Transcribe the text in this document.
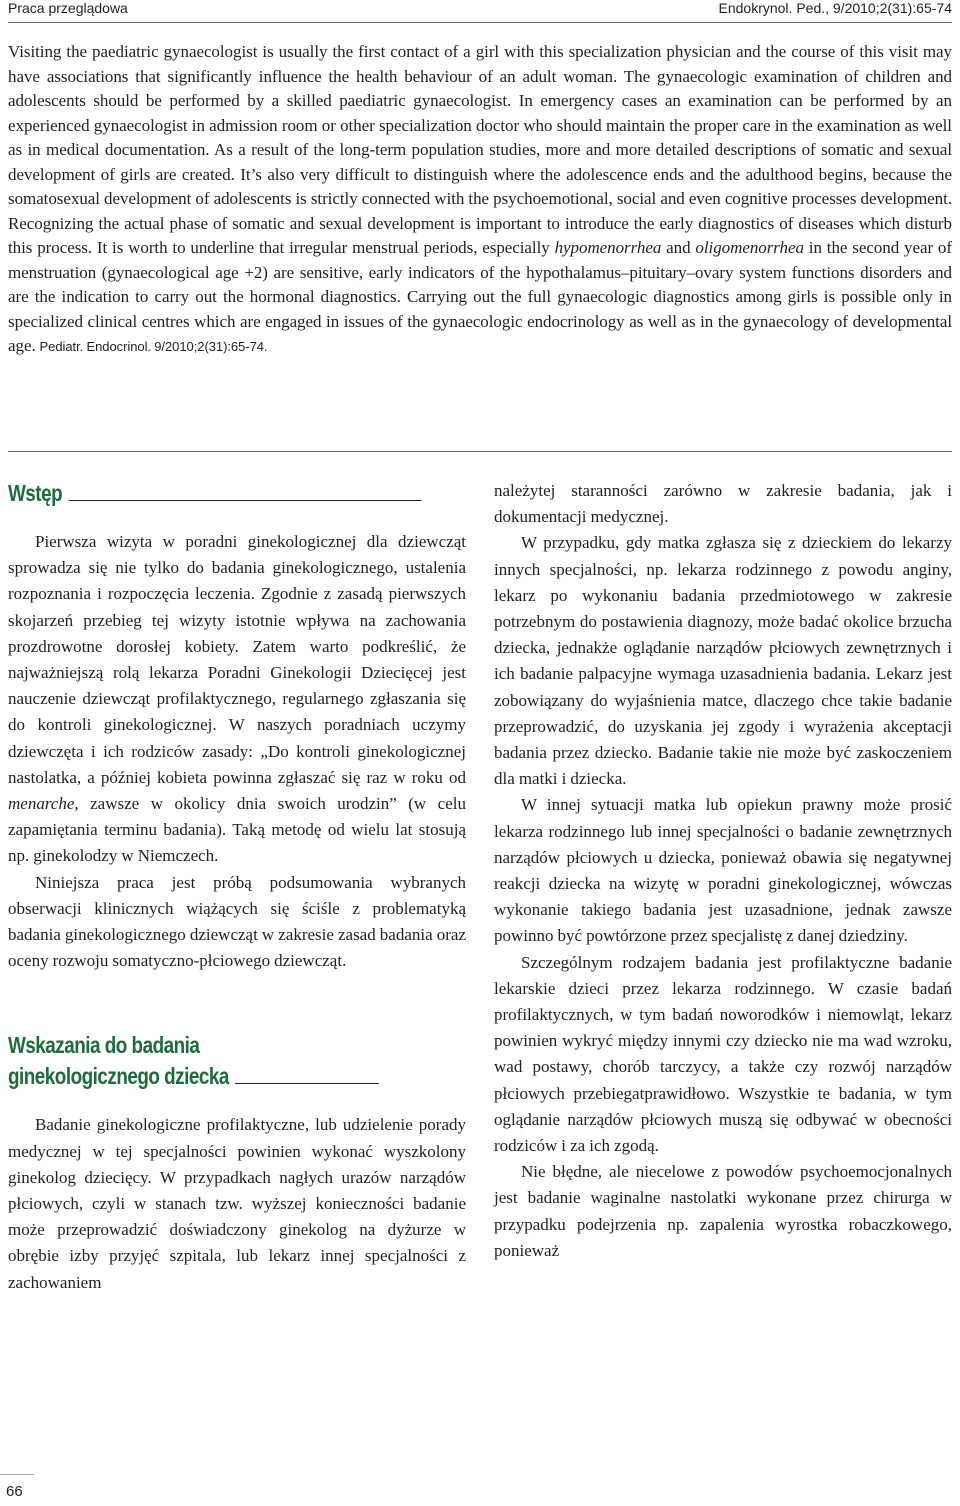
Praca przeglądowa	Endokrynol. Ped., 9/2010;2(31):65-74

Visiting the paediatric gynaecologist is usually the first contact of a girl with this specialization physician and the course of this visit may have associations that significantly influence the health behaviour of an adult woman. The gynaecologic examination of children and adolescents should be performed by a skilled paediatric gynaecologist. In emergency cases an examination can be performed by an experienced gynaecologist in admission room or other specialization doctor who should maintain the proper care in the examination as well as in medical documentation. As a result of the long-term population studies, more and more detailed descriptions of somatic and sexual development of girls are created. It’s also very difficult to distinguish where the adolescence ends and the adulthood begins, because the somatosexual development of adolescents is strictly connected with the psychoemotional, social and even cognitive processes development. Recognizing the actual phase of somatic and sexual development is important to introduce the early diagnostics of diseases which disturb this process. It is worth to underline that irregular menstrual periods, especially hypomenorrhea and oligomenorrhea in the second year of menstruation (gynaecological age +2) are sensitive, early indicators of the hypothalamus–pituitary–ovary system functions disorders and are the indication to carry out the hormonal diagnostics. Carrying out the full gynaecologic diagnostics among girls is possible only in specialized clinical centres which are engaged in issues of the gynaecologic endocrinology as well as in the gynaecology of developmental age. Pediatr. Endocrinol. 9/2010;2(31):65-74.

Wstęp

Pierwsza wizyta w poradni ginekologicznej dla dziewcząt sprowadza się nie tylko do badania ginekologicznego, ustalenia rozpoznania i rozpoczęcia leczenia. Zgodnie z zasadą pierwszych skojarzeń przebieg tej wizyty istotnie wpływa na zachowania prozdrowotne dorosłej kobiety. Zatem warto podkreślić, że najważniejszą rolą lekarza Poradni Ginekologii Dziecięcej jest nauczenie dziewcząt profilaktycznego, regularnego zgłaszania się do kontroli ginekologicznej. W naszych poradniach uczymy dziewczęta i ich rodziców zasady: „Do kontroli ginekologicznej nastolatka, a później kobieta powinna zgłaszać się raz w roku od menarche, zawsze w okolicy dnia swoich urodzin” (w celu zapamiętania terminu badania). Taką metodę od wielu lat stosują np. ginekolodzy w Niemczech.

Niniejsza praca jest próbą podsumowania wybranych obserwacji klinicznych wiążących się ściśle z problematyką badania ginekologicznego dziewcząt w zakresie zasad badania oraz oceny rozwoju somatyczno-płciowego dziewcząt.

Wskazania do badania
ginekologicznego dziecka

Badanie ginekologiczne profilaktyczne, lub udzielenie porady medycznej w tej specjalności powinien wykonać wyszkolony ginekolog dziecięcy. W przypadkach nagłych urazów narządów płciowych, czyli w stanach tzw. wyższej konieczności badanie może przeprowadzić doświadczony ginekolog na dyżurze w obrębie izby przyjęć szpitala, lub lekarz innej specjalności z zachowaniem

należytej staranności zarówno w zakresie badania, jak i dokumentacji medycznej.

W przypadku, gdy matka zgłasza się z dzieckiem do lekarzy innych specjalności, np. lekarza rodzinnego z powodu anginy, lekarz po wykonaniu badania przedmiotowego w zakresie potrzebnym do postawienia diagnozy, może badać okolice brzucha dziecka, jednakże oglądanie narządów płciowych zewnętrznych i ich badanie palpacyjne wymaga uzasadnienia badania. Lekarz jest zobowiązany do wyjaśnienia matce, dlaczego chce takie badanie przeprowadzić, do uzyskania jej zgody i wyrażenia akceptacji badania przez dziecko. Badanie takie nie może być zaskoczeniem dla matki i dziecka.

W innej sytuacji matka lub opiekun prawny może prosić lekarza rodzinnego lub innej specjalności o badanie zewnętrznych narządów płciowych u dziecka, ponieważ obawia się negatywnej reakcji dziecka na wizytę w poradni ginekologicznej, wówczas wykonanie takiego badania jest uzasadnione, jednak zawsze powinno być powtórzone przez specjalistę z danej dziedziny.

Szczególnym rodzajem badania jest profilaktyczne badanie lekarskie dzieci przez lekarza rodzinnego. W czasie badań profilaktycznych, w tym badań noworodków i niemowląt, lekarz powinien wykryć między innymi czy dziecko nie ma wad wzroku, wad postawy, chorób tarczycy, a także czy rozwój narządów płciowych przebiegatprawidłowo. Wszystkie te badania, w tym oglądanie narządów płciowych muszą się odbywać w obecności rodziców i za ich zgodą.

Nie błędne, ale niecelowe z powodów psychoemocjonalnych jest badanie waginalne nastolatki wykonane przez chirurga w przypadku podejrzenia np. zapalenia wyrostka robaczkowego, ponieważ

66
